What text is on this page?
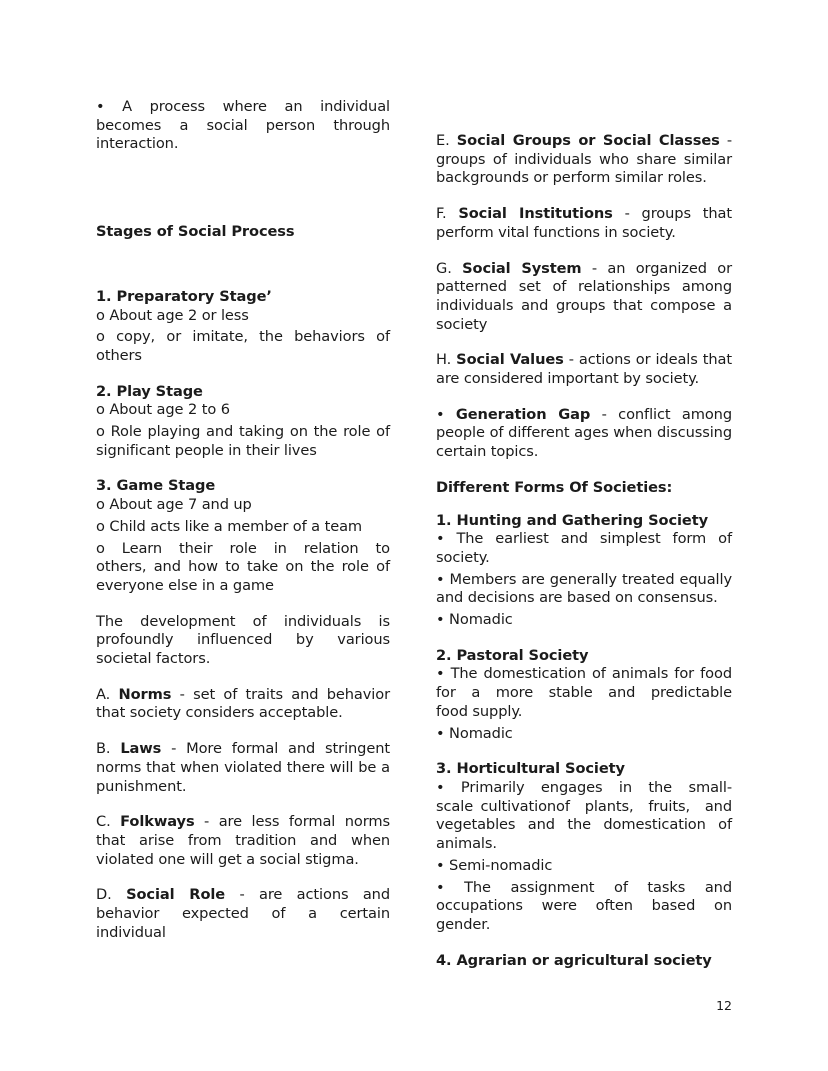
•  A  process  where  an  individual becomes  a  social  person  through interaction.

Stages of Social Process

1. Preparatory Stage’

o About age 2 or less

o  copy,  or  imitate,  the  behaviors  of others

2. Play Stage

o About age 2 to 6

o Role playing and taking on the role of significant people in their lives

3. Game Stage

o About age 7 and up

o Child acts like a member of a team

o  Learn  their  role  in  relation  to  others, and how to take on the role of everyone else in a game

The  development  of  individuals  is profoundly  influenced  by  various societal factors.

A. Norms - set of traits and behavior that society considers acceptable.

B. Laws - More formal and stringent norms that when violated there will be a punishment.

C. Folkways - are less formal norms that arise from tradition and when violated one will get a social stigma.

D. Social Role - are actions and behavior expected of a certain individual

E. Social Groups or Social Classes - groups of individuals who share similar  backgrounds or perform similar roles.

F. Social Institutions - groups that perform vital functions in society.

G. Social System - an organized or patterned set of relationships among individuals and groups that compose a society

H. Social Values - actions or ideals that are considered important by society.

• Generation Gap - conflict among people of different ages when discussing certain topics.

Different Forms Of Societies:

1. Hunting and Gathering Society

•  The  earliest  and  simplest  form  of society.

• Members are generally treated equally and decisions are based on consensus.

• Nomadic

2. Pastoral Society

• The domestication of animals for food for  a  more  stable  and  predictable  food supply.

• Nomadic

3. Horticultural Society

•  Primarily  engages  in  the  small-scale cultivationof  plants,  fruits,  and vegetables  and  the  domestication  of animals.

• Semi-nomadic

•  The  assignment  of  tasks  and occupations  were  often  based  on gender.

4. Agrarian or agricultural society

12
